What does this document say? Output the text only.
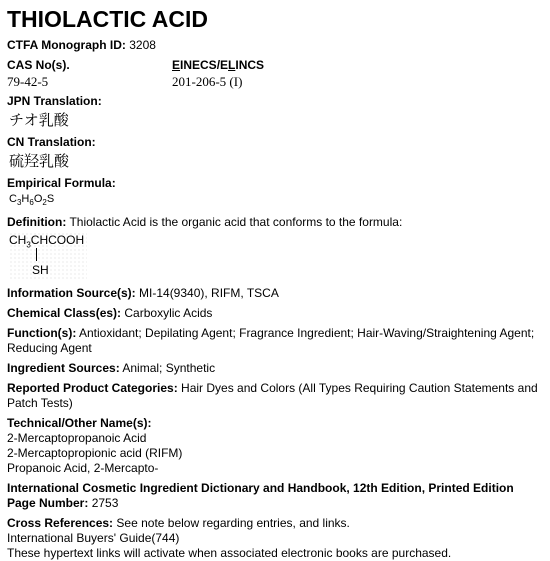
THIOLACTIC ACID
CTFA Monograph ID: 3208
CAS No(s).
79-42-5
EINECS/ELINCS
201-206-5 (I)
JPN Translation:
チオ乳酸
CN Translation:
硫羟乳酸
Empirical Formula:
$C_3H_6O_2S$
Definition: Thiolactic Acid is the organic acid that conforms to the formula:
$CH_3CHCOOH$
SH
Information Source(s): MI-14(9340), RIFM, TSCA
Chemical Class(es): Carboxylic Acids
Function(s): Antioxidant; Depilating Agent; Fragrance Ingredient; Hair-Waving/Straightening Agent; Reducing Agent
Ingredient Sources: Animal; Synthetic
Reported Product Categories: Hair Dyes and Colors (All Types Requiring Caution Statements and Patch Tests)
Technical/Other Name(s):
2-Mercaptopropanoic Acid
2-Mercaptopropionic acid (RIFM)
Propanoic Acid, 2-Mercapto-
International Cosmetic Ingredient Dictionary and Handbook, 12th Edition, Printed Edition Page Number: 2753
Cross References: See note below regarding entries, and links.
International Buyers' Guide(744)
These hypertext links will activate when associated electronic books are purchased.
